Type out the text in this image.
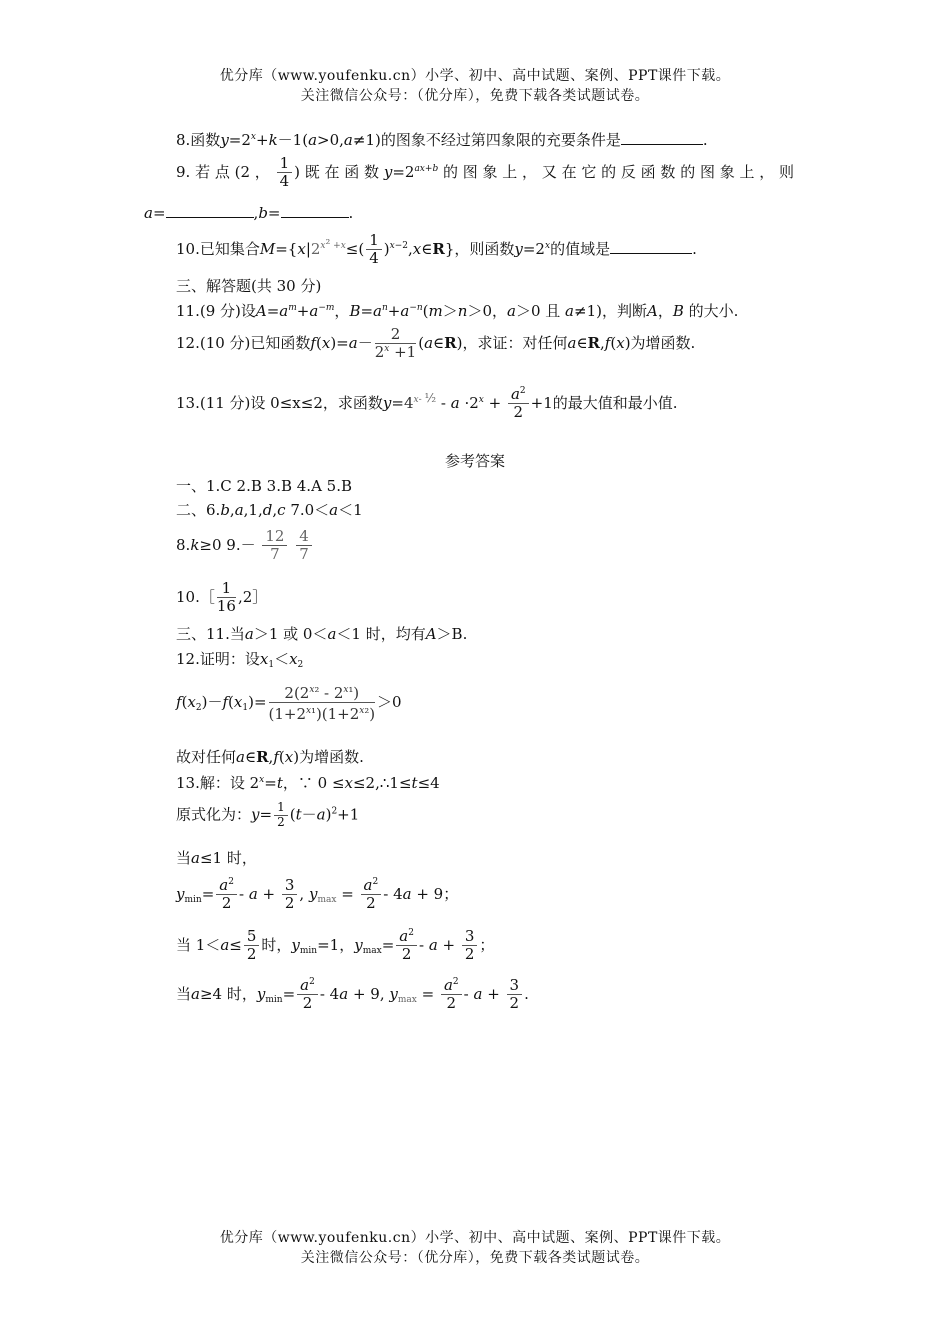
优分库（www.youfenku.cn）小学、初中、高中试题、案例、PPT课件下载。
关注微信公众号：（优分库），免费下载各类试题试卷。
8.函数$y=2^x+k-1(a>0,a\ne 1)$的图象不经过第四象限的充要条件是	.
9. 若 点 (2 ， $\frac{1}{4}$ ) 既 在 函 数 $y=2^{ax+b}$ 的 图 象 上 ， 又 在 它 的 反 函 数 的 图 象 上 ， 则
a=	,b=	.
10.已知集合$M=\{x|2^{x^2 +x}\le( \frac{1}{4}$ )$^{x-2},x\in R$}，则函数$y=2^x$的值域是	.
三、解答题(共 30 分)
11.(9 分)设$A=a^m+a^{-m}$，$B=a^n+a^{-n}(m>n>0$，a＞0 且 a≠1)，判断A，B 的大小.
12.(10 分)已知函数$f(x)=a- \frac{2}{2^x +1}$ (a∈R)，求证：对任何a∈R,f(x)为增函数.
13.(11 分)设 0≤x≤2，求函数$y=4^{x- \frac{1}{2}} - a \cdot 2^x + \frac{a^2}{2} +1$的最大值和最小值.
参考答案
一、1.C 2.B 3.B 4.A 5.B
二、6.b,a,1,d,c 7.0＜a＜1
8.k≥0 $9.- \frac{12}{7}$
$\frac{4}{7}$
10.［ $\frac{1}{16}$ ,2］
三、11.当a＞1 或 0＜a＜1 时，均有A＞B.
12.证明：设$x_1<x_2$
$f(x_2)-f(x_1)= \frac{2(2^{x_2} - 2^{x_1})}{(1+2^{x_1})(1+2^{x_2})} >0$
故对任何a∈R,f(x)为增函数.
13.解：设 $2^x=t$，∵ 0 ≤x≤2,∴1≤t≤4
原式化为：$y= \frac{1}{2} (t-a)^2+1$
当a≤1 时，
$y_{min}= \frac{a^2}{2} - a + \frac{3}{2}$ , $y_{max} = \frac{a^2}{2} - 4a + 9$；
当 $1<a\le \frac{5}{2}$ 时，$y_{min}=1$，$y_{max}= \frac{a^2}{2} - a + \frac{3}{2}$ ；
当a≥4 时，$y_{min}= \frac{a^2}{2} - 4a + 9$, $y_{max} = \frac{a^2}{2} - a + \frac{3}{2}$ .
优分库（www.youfenku.cn）小学、初中、高中试题、案例、PPT课件下载。
关注微信公众号：（优分库），免费下载各类试题试卷。
